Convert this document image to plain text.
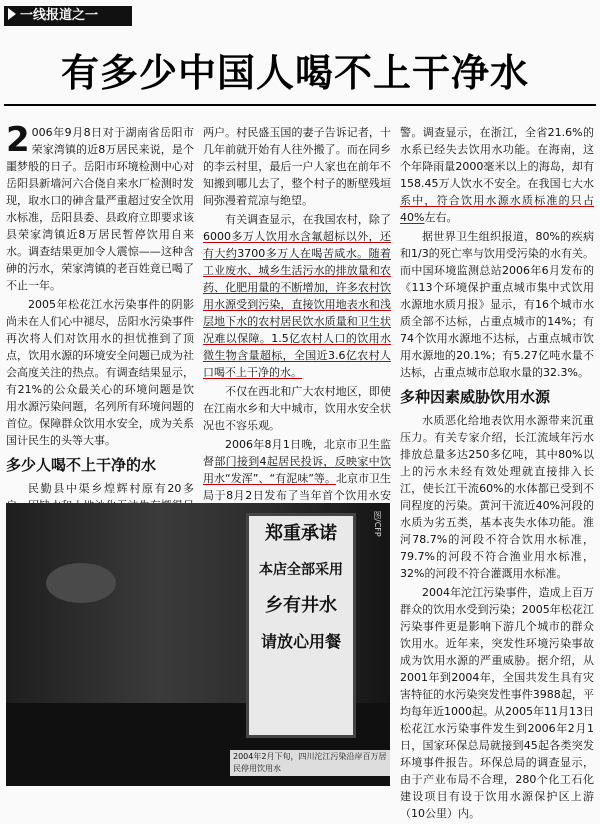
一线报道之一
有多少中国人喝不上干净水

2 006年9月8日对于湖南省岳阳市荣家湾镇的近8万居民来说，是个噩梦般的日子。岳阳市环境检测中心对岳阳县新墙河六合侥自来水厂检测时发现，取水口的砷含量严重超过安全饮用水标准，岳阳县委、县政府立即要求该县荣家湾镇近8万居民暂停饮用自来水。调查结果更加令人震惊——这种含砷的污水，荣家湾镇的老百姓竟已喝了不止一年。

2005年松花江水污染事件的阴影尚未在人们心中褪尽，岳阳水污染事件再次将人们对饮用水的担忧推到了顶点，饮用水源的环境安全问题已成为社会高度关注的热点。有调查结果显示，有21%的公众最关心的环境问题是饮用水源污染问题，名列所有环境问题的首位。保障群众饮用水安全，成为关系国计民生的头等大事。

多少人喝不上干净的水

民勤县中渠乡煌辉村原有20多

两户。村民盛玉国的妻子告诉记者，十几年前就开始有人往外搬了。而在同乡的李云村里，最后一户人家也在前年不知搬到哪儿去了，整个村子的断壁残垣间弥漫着荒凉与绝望。

有关调查显示，在我国农村，除了6000多万人饮用水含氟超标以外，还有大约3700多万人在喝苦咸水。随着工业废水、城乡生活污水的排放量和农药、化肥用量的不断增加，许多农村饮用水源受到污染，直接饮用地表水和浅层地下水的农村居民饮水质量和卫生状况难以保障。1.5亿农村人口的饮用水微生物含量超标，全国近3.6亿农村人口喝不上干净的水。

不仅在西北和广大农村地区，即使在江南水乡和大中城市，饮用水安全状况也不容乐观。

2006年8月1日晚，北京市卫生监督部门接到4起居民投诉，反映家中饮用水“发浑”、“有泥味”等。北京市卫生局于8月2日发布了当年首个饮用水安

警。调查显示，在浙江，全省21.6%的水系已经失去饮用水功能。在海南，这个年降雨量2000毫米以上的海岛，却有158.45万人饮水不安全。在我国七大水系中，符合饮用水源水质标准的只占40%左右。

据世界卫生组织报道，80%的疾病和1/3的死亡率与饮用受污染的水有关。而中国环境监测总站2006年6月发布的《113个环境保护重点城市集中式饮用水源地水质月报》显示，有16个城市水质全部不达标，占重点城市的14%；有74个饮用水源地不达标，占重点城市饮用水源地的20.1%；有5.27亿吨水量不达标，占重点城市总取水量的32.3%。

多种因素威胁饮用水源

水质恶化给地表饮用水源带来沉重压力。有关专家介绍，长江流域年污水排放总量多达250多亿吨，其中80%以上的污水未经有效处理就直接排入长江，使长江干流60%的水体都已受到不同程度的污染。黄河干流近40%河段的水质为劣五类，基本丧失水体功能。淮河78.7%的河段不符合饮用水标准，79.7%的河段不符合渔业用水标准，32%的河段不符合灌溉用水标准。

2004年沱江污染事件，造成上百万群众的饮用水受到污染；2005年松花江污染事件更是影响下游几个城市的群众饮用水。近年来，突发性环境污染事故成为饮用水源的严重威胁。据介绍，从2001年到2004年，全国共发生具有灾害特征的水污染突发性事件3988起，平均每年近1000起。从2005年11月13日松花江水污染事件发生到2006年2月1日，国家环保总局就接到45起各类突发环境事件报告。环保总局的调查显示，由于产业布局不合理，280个化工石化建设项目有设于饮用水源保护区上游（10公里）内。

郑重承诺
本店全部采用
乡有井水
请放心用餐
图/CFP
2004年2月下旬，四川沱江污染沿岸百万居民停用饮用水
